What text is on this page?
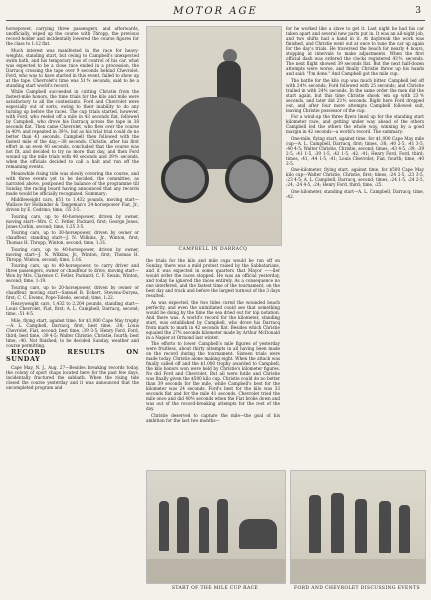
MOTOR AGE	3

horsepower, carrying three passengers, and afterwards, unofficially, wiped up the course with Thropp, the previous record-holder and incidentally lowered the course figures for the class to 1:12 flat.

Much interest was manifested in the race for heavy-weights, standing start, but owing to Campbell's unexpected swim bath, and his temporary loss of control of his car, what was expected to be a close race ended in a procession, the Darracq crossing the tape over 9 seconds behind Chevrolet. Ford, who was to have started in this event, failed to show up at the tape. Chevrolet's time was 51⅘ seconds, said to be a standing start world's record.

While Campbell succeeded in cutting Christie from the fastest-mile honors, the time trials for the kilo and mile were satisfactory to all the contestants. Ford and Chevrolet were especially out of sorts, owing to their inability to do any turning up before the races. The cup trials started, however, with Ford, who reeled off a mile in 43 seconds flat, followed by Campbell, who drove his Darracq across the tape in 38 seconds flat. Then came Chevrolet, who flew over the course in 40⅘ and repeated in 39⅗; but as his trial trial could do no better than 41 seconds. Campbell then followed with the fastest mile of the day,—38 seconds. Christie, after his first effort in an even 40 seconds, concluded that the course was not fit, and decided to try no more that day, and then Ford wound up the mile trials with 40 seconds and 39⅘ seconds, when the officials decided to call a halt and run off the remaining events.

Meanwhile rising tide was slowly covering the course, and with three events yet to be decided, the committee, as narrated above, postponed the balance of the programme till Sunday, the racing board having announced that any records made would be officially recognized. Summary:

Middleweight cars, $51 to 1,432 pounds, moving start—Wallace for Hollander & Tangeman's 24-horsepower Fiat, Jr., driven by E. Cedrino; time, :55 3-5.

Touring cars, up to 40-horsepower, driven by owner, moving start—Mrs. C. C. Fetler, Packard, first; George Jones, Jones-Corbin, second; time, 1:25 3-5.

Touring cars, up to 30-horsepower, driven by owner or chauffeur, standing start—J. N. Wilkins, Jr., Winton, first; Thomas H. Thropp, Winton, second; time, 1:31.

Touring cars, up to 40-horsepower, driven by owner, moving start—J. N. Wilkins, Jr., Winton, first; Thomas H. Thropp, Winton, second; time, 1:16.

Touring cars, up to 40-horsepower, to carry driver and three passengers, owner or chauffeur to drive, moving start—Won by Mrs. Clarence C. Fetler, Packard; C. F. Swain, Winton, second; time, 1:19.

Touring cars, up to 20-horsepower, driven by owner or chauffeur, moving start—Samuel B. Eckert, Stevens-Duryea, first; C. C. Ewens, Pope-Toledo, second; time, 1:22.

Heavyweight cars, 1,432 to 2,204 pounds, standing start—Louis Chevrolet, Fiat, first; A. L. Campbell, Darracq, second; time, :51 4-5.

Mile, flying start, against time, for $1,000 Cape May trophy—A. L. Campbell, Darracq, first; best time, :38; Louis Chevrolet, Fiat, second; best time, :39 3-5; Henry Ford, Ford, third; best time, :39 4-5; Walter Christie, Christie, fourth; best time, :40. Not finished; to be decided Sunday, weather and course permitting.

RECORD RESULTS ON SUNDAY

Cape May, N. J., Aug. 27—Besides breaking records today, the colony of sport chaps located here for the past few days, incidentally fractured the sabbath. When the rising tide closed the course yesterday and it was announced that the uncompleted program and

CAMPBELL IN DARRACQ

the trials for the kilo and mile cups would be run off on Sunday, there was a mild protest raised by the Sabbatarians, and it was expected in some quarters that Mayor ——ller would order the races stopped. He was an official yesterday, and today he ignored the races entirely. As a consequence no one interfered, and the fastest time of the tournament, on the best day and track and before the largest turnout of the 3 days resulted.

As was expected, the two tides cured the wounded beach perfectly, and even the uninitiated could see that something would be doing by the time the sea dried out for top notation. And there was. A world's record for the kilometer, standing start, was established by Campbell, who drove his Darracq from mark to mark in 42 seconds flat. Besides which Christie equaled the 27⅘ seconds kilometer made by Arthur McDonald in a Napier at Ormond last winter.

The efforts to lower Campbell's mile figures of yesterday were fruitless, about thirty attempts in all having been made on the record during the tournament. Sixteen trials were made today, Christie alone making eight. When the attack was finally called off and the $1,000 trophy awarded to Campbell, the kilo honors won were held by Christie's kilometer figures. No did Ford and Chevrolet. But all were futile and Christie was finally given the $500 kilo cup. Christie could do no better than 39 seconds for the mile, while Campbell's best for the kilometer was 24 seconds. Ford's best for the kilo was 33 seconds flat and for the mile 41 seconds. Chevrolet tried the mile once and did 40⅘ seconds when the Fiat broke down and was out of the record-breaking attempts for the rest of the day.

Christie deserved to capture the mile—the goal of his ambition for the last two months—

for he worked like a slave to get it. Last night he had his car taken apart and several new parts put in. It was an all-night job, and two shifts had a hand in it. At daybreak the work was finished, and Christie went out at once to tune the car up again for the day's trials. He traversed the beach for nearly 4 hours, stopping at intervals to make adjustments. When the first official dash was ordered the clocks registered 43⅘ seconds. The next flight showed 39 seconds flat. But the next half-dozen attempts were worse, and finally Christie threw up his hands and said: "I'm done." And Campbell got the mile cup.

The battle for the kilo cup was much bitter. Campbell led off with 24⅘ seconds; Ford followed with 25 seconds; and Christie trailed in with 24⅘ seconds. In the same order the men did the start again, but this time Christie shook 'em up with 23⅘ seconds, and later did 23⅘ seconds. Right here Ford dropped out, and after four more attempts Campbell followed suit, leaving Christie possessor of the cup.

For a wind-up the three flyers lined up for the standing start kilometer race, and getting under way ahead of the others Campbell led the others the whole way, winning by a good margin in 42 seconds—a world's record. The summary:

One-mile, flying start, against time, for $1,000 Cape May mile cup—A. L. Campbell, Darracq, first; times, :38, :40 2-5, :41 3-5, :40 4-5; Walter Christie, Christie, second; times, :43 4-5, :39, :39 2-5, :41 1-5, :39 1-5, :42 1-5, :42, :41; Henry Ford, Ford, third; times, :41, :44 1-5, :41; Louis Chevrolet, Fiat, fourth; time, :40 2-5.

One-kilometer, flying start, against time, for $500 Cape May kilo cup—Walter Christie, Christie, first; times, :24 2-5, :23 3-5, :23 4-5; A. L. Campbell, Darracq, second; times, :24 1-5, :24 2-5, :24, :24 4-5, :24; Henry Ford, third; time, :25.

One kilometer, standing start—A. L. Campbell, Darracq; time, :42.

START OF THE MILE CUP RACE	FORD AND CHEVROLET DISCUSSING EVENTS
